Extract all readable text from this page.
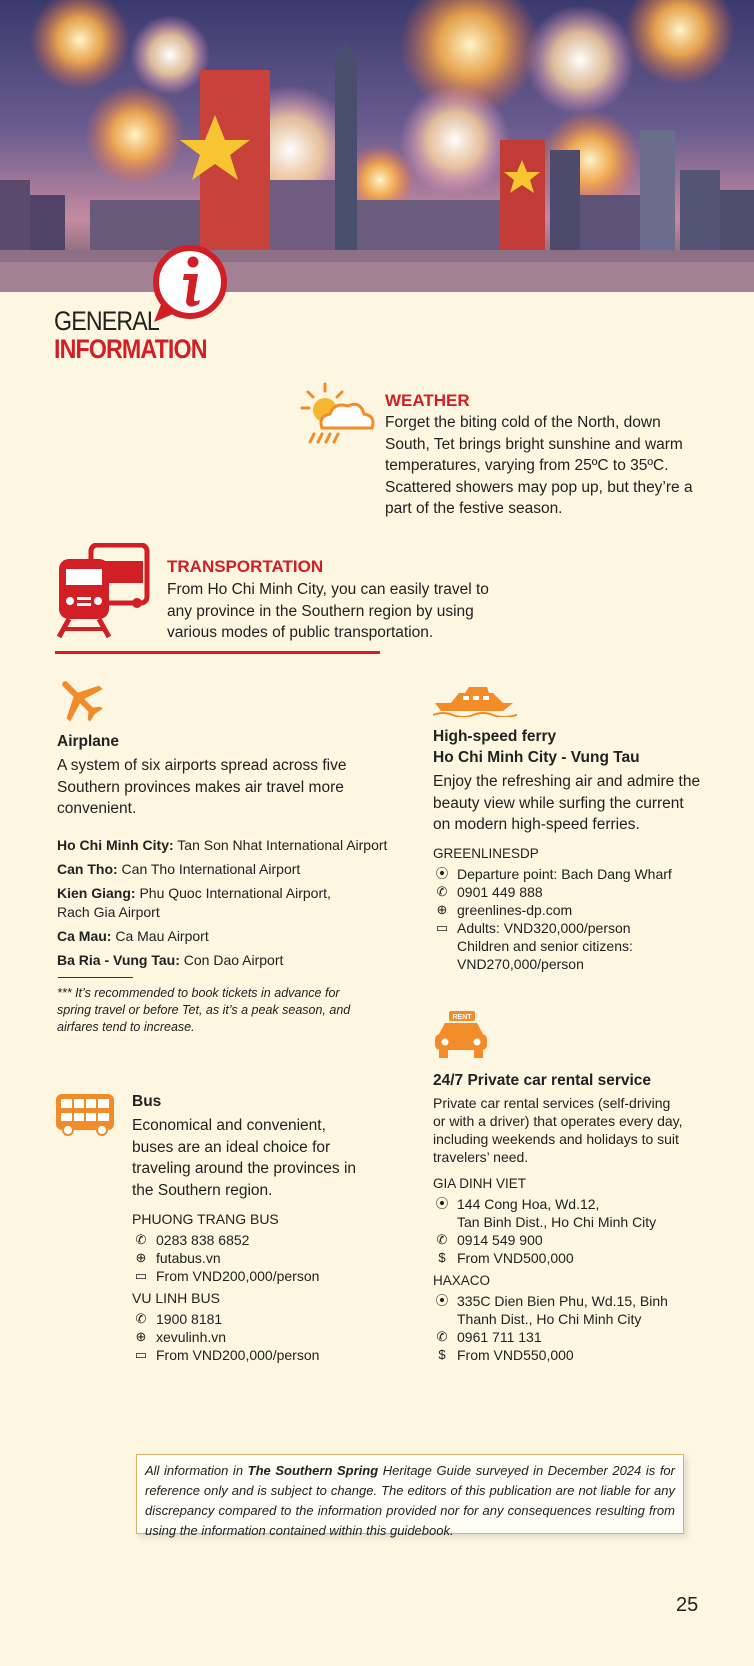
GENERAL
INFORMATION
WEATHER
Forget the biting cold of the North, down South, Tet brings bright sunshine and warm temperatures, varying from 25ºC to 35ºC. Scattered showers may pop up, but they’re a part of the festive season.
TRANSPORTATION
From Ho Chi Minh City, you can easily travel to any province in the Southern region by using various modes of public transportation.
Airplane
A system of six airports spread across five Southern provinces makes air travel more convenient.
Ho Chi Minh City: Tan Son Nhat International Airport
Can Tho: Can Tho International Airport
Kien Giang: Phu Quoc International Airport,
Rach Gia Airport
Ca Mau: Ca Mau Airport
Ba Ria - Vung Tau: Con Dao Airport
*** It’s recommended to book tickets in advance for spring travel or before Tet, as it’s a peak season, and airfares tend to increase.
Bus
Economical and convenient, buses are an ideal choice for traveling around the provinces in the Southern region.
PHUONG TRANG BUS
✆ 0283 838 6852
⊕ futabus.vn
▭ From VND200,000/person
VU LINH BUS
✆ 1900 8181
⊕ xevulinh.vn
▭ From VND200,000/person
High-speed ferry
Ho Chi Minh City - Vung Tau
Enjoy the refreshing air and admire the beauty view while surfing the current on modern high-speed ferries.
GREENLINESDP
⦿ Departure point: Bach Dang Wharf
✆ 0901 449 888
⊕ greenlines-dp.com
▭ Adults: VND320,000/person
Children and senior citizens:
VND270,000/person
RENT
24/7 Private car rental service
Private car rental services (self-driving or with a driver) that operates every day, including weekends and holidays to suit travelers’ need.
GIA DINH VIET
⦿ 144 Cong Hoa, Wd.12,
Tan Binh Dist., Ho Chi Minh City
✆ 0914 549 900
$ From VND500,000
HAXACO
⦿ 335C Dien Bien Phu, Wd.15, Binh
Thanh Dist., Ho Chi Minh City
✆ 0961 711 131
$ From VND550,000
All information in The Southern Spring Heritage Guide surveyed in December 2024 is for reference only and is subject to change. The editors of this publication are not liable for any discrepancy compared to the information provided nor for any consequences resulting from using the information contained within this guidebook.
25
